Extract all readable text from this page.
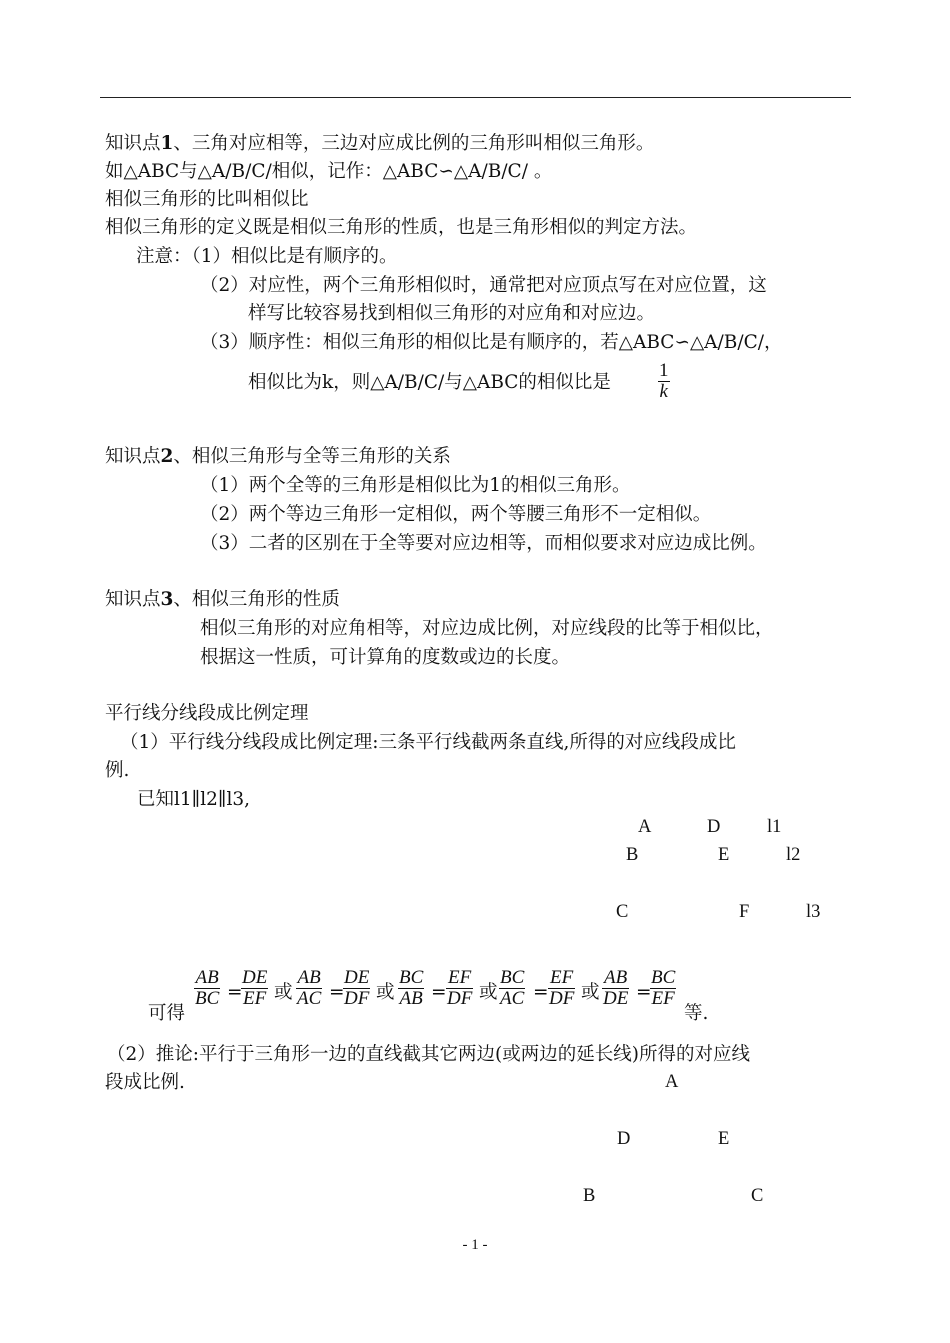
知识点1、三角对应相等，三边对应成比例的三角形叫相似三角形。
如△ABC与△A/B/C/相似，记作：△ABC∽△A/B/C/ 。
相似三角形的比叫相似比
相似三角形的定义既是相似三角形的性质，也是三角形相似的判定方法。
注意：（1）相似比是有顺序的。
（2）对应性，两个三角形相似时，通常把对应顶点写在对应位置，这
样写比较容易找到相似三角形的对应角和对应边。
（3）顺序性：相似三角形的相似比是有顺序的，若△ABC∽△A/B/C/，
相似比为k，则△A/B/C/与△ABC的相似比是
1
k
知识点2、相似三角形与全等三角形的关系
（1）两个全等的三角形是相似比为1的相似三角形。
（2）两个等边三角形一定相似，两个等腰三角形不一定相似。
（3）二者的区别在于全等要对应边相等，而相似要求对应边成比例。
知识点3、相似三角形的性质
相似三角形的对应角相等，对应边成比例，对应线段的比等于相似比，
根据这一性质，可计算角的度数或边的长度。
平行线分线段成比例定理
（1）平行线分线段成比例定理:三条平行线截两条直线,所得的对应线段成比
例.
已知l1∥l2∥l3,
A	D	l1
B	E	l2
C	F	l3
可得
AB
BC =
DE
EF 或
AB
AC =
DE
DF 或
BC
AB =
EF
DF 或
BC
AC =
EF
DF 或
AB
DE =
BC
EF
等.
（2）推论:平行于三角形一边的直线截其它两边(或两边的延长线)所得的对应线
段成比例.	A
D	E
B	C
- 1 -
